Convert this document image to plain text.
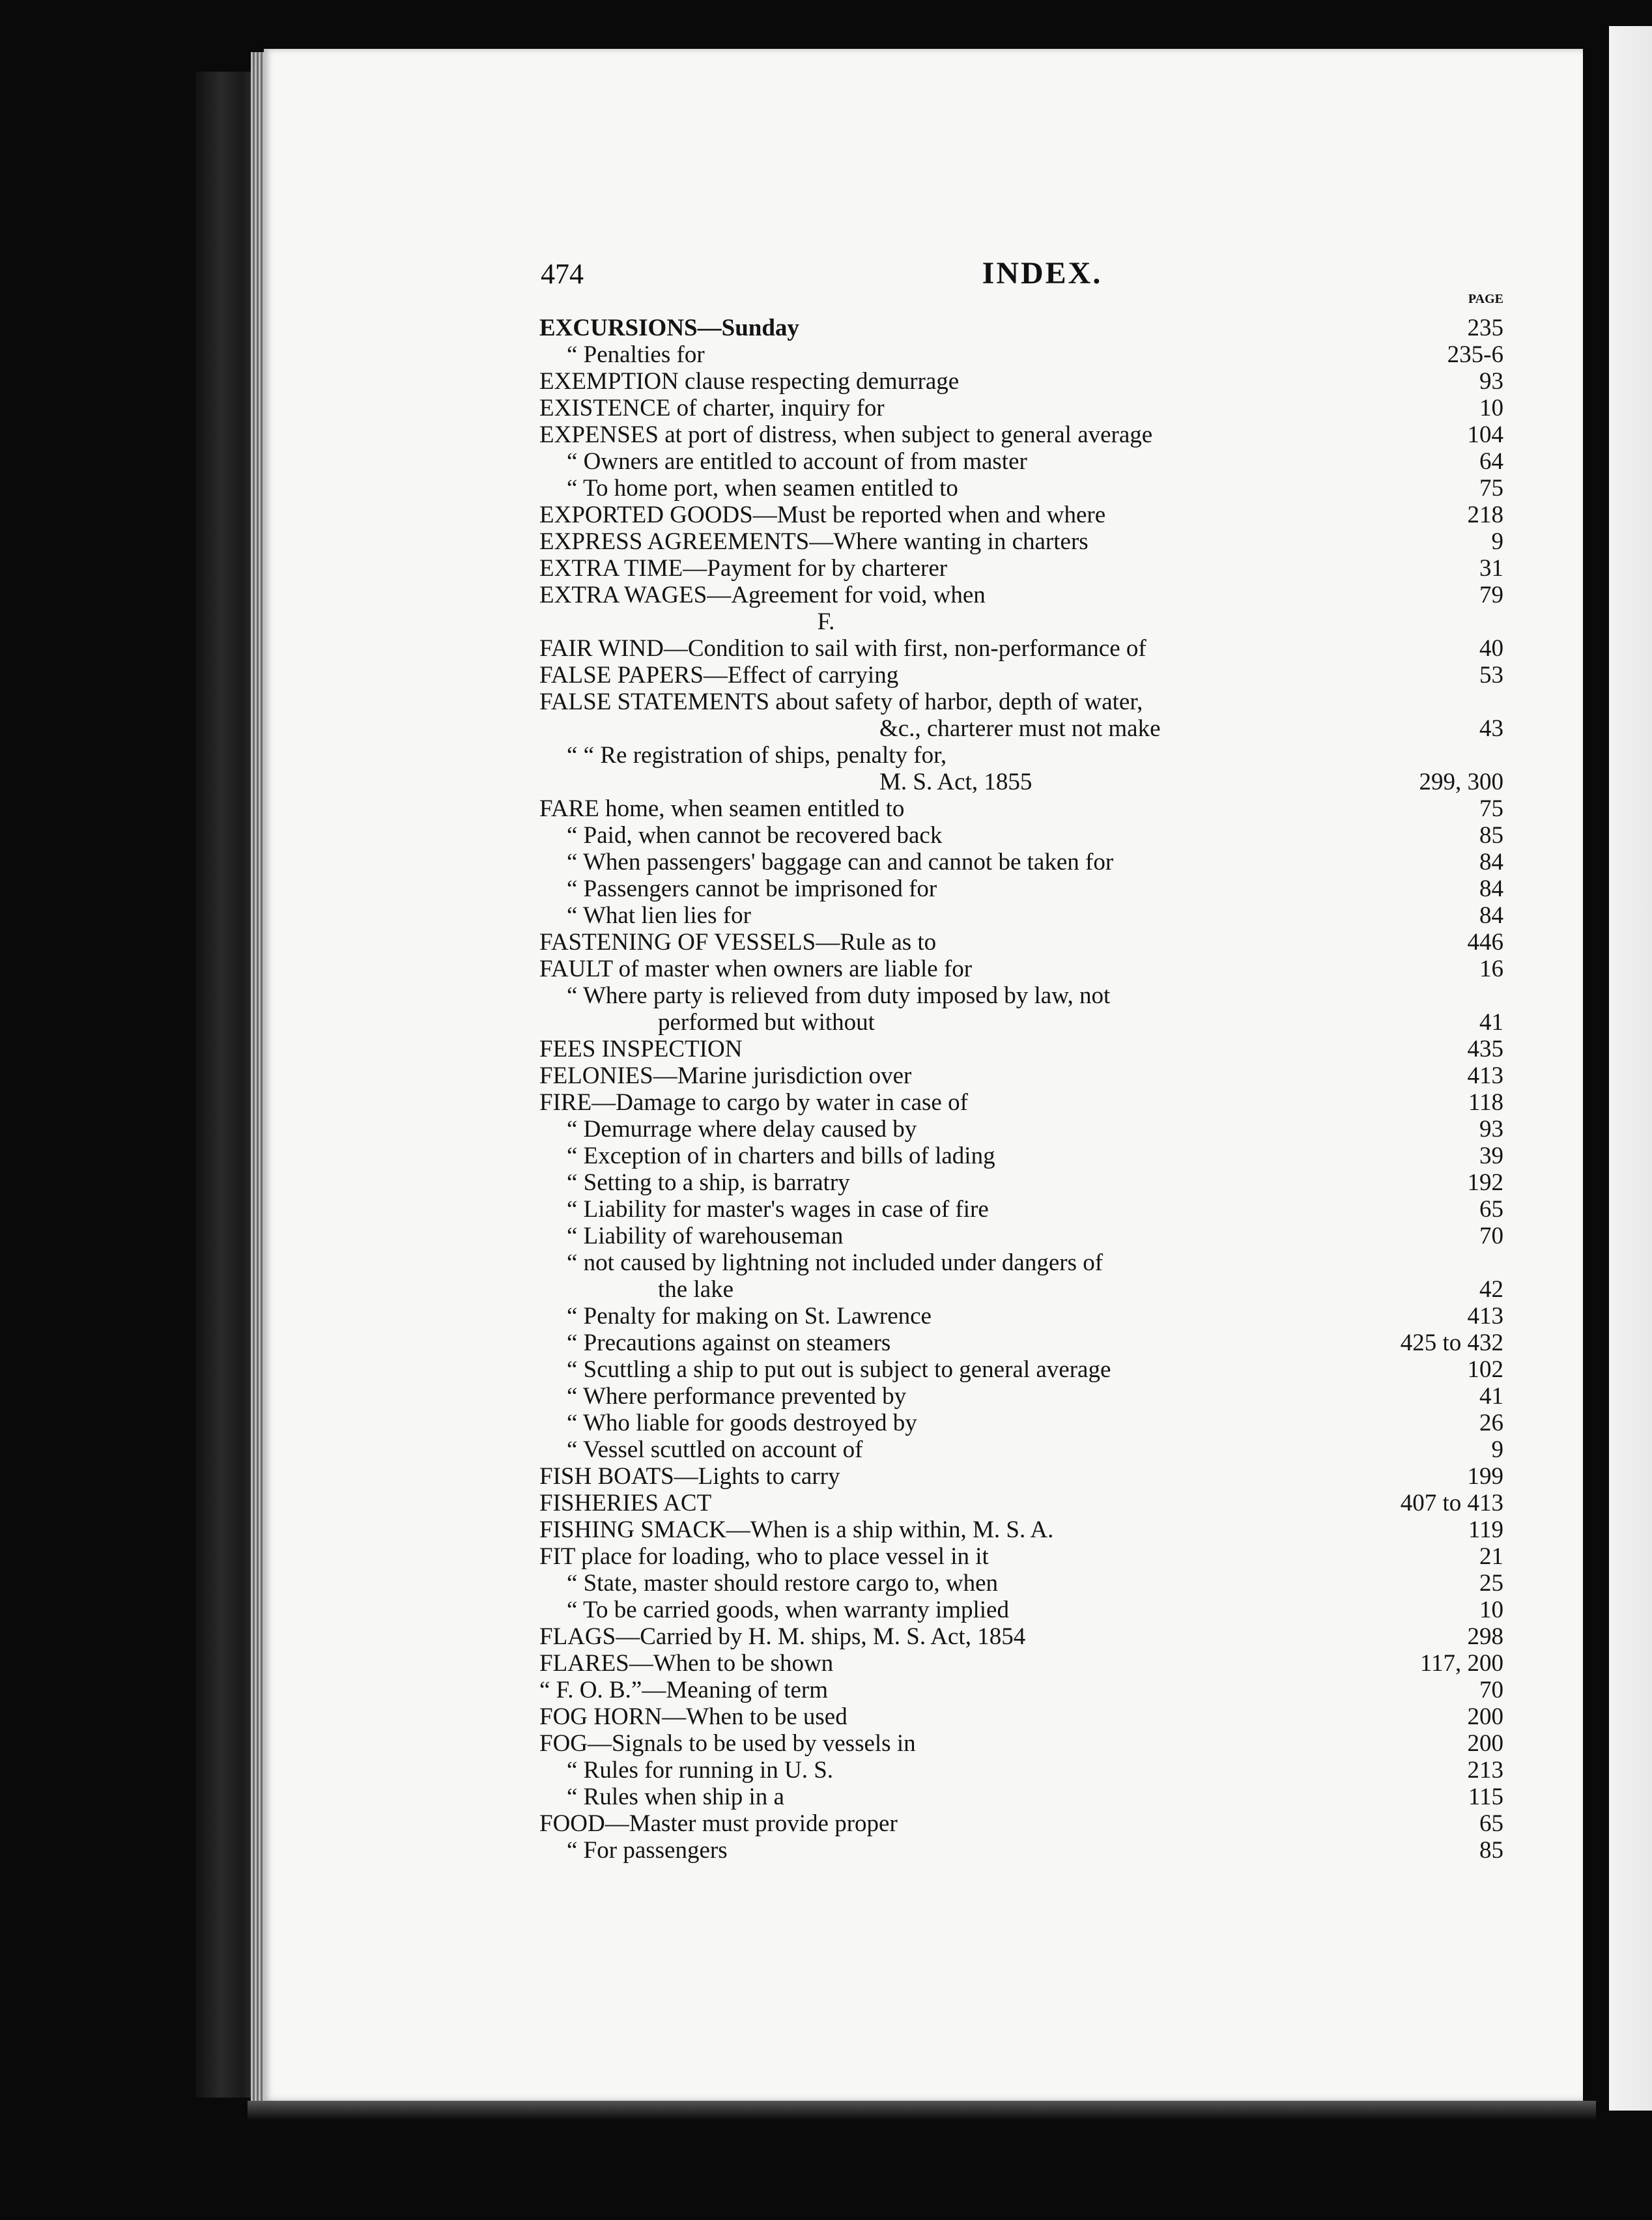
474	INDEX.
PAGE
EXCURSIONS—Sunday	235
“ Penalties for	235-6
EXEMPTION clause respecting demurrage	93
EXISTENCE of charter, inquiry for	10
EXPENSES at port of distress, when subject to general average	104
“ Owners are entitled to account of from master	64
“ To home port, when seamen entitled to	75
EXPORTED GOODS—Must be reported when and where	218
EXPRESS AGREEMENTS—Where wanting in charters	9
EXTRA TIME—Payment for by charterer	31
EXTRA WAGES—Agreement for void, when	79
F.
FAIR WIND—Condition to sail with first, non-performance of	40
FALSE PAPERS—Effect of carrying	53
FALSE STATEMENTS about safety of harbor, depth of water,
&c., charterer must not make	43
“ “ Re registration of ships, penalty for,
M. S. Act, 1855	299, 300
FARE home, when seamen entitled to	75
“ Paid, when cannot be recovered back	85
“ When passengers' baggage can and cannot be taken for	84
“ Passengers cannot be imprisoned for	84
“ What lien lies for	84
FASTENING OF VESSELS—Rule as to	446
FAULT of master when owners are liable for	16
“ Where party is relieved from duty imposed by law, not
performed but without	41
FEES INSPECTION	435
FELONIES—Marine jurisdiction over	413
FIRE—Damage to cargo by water in case of	118
“ Demurrage where delay caused by	93
“ Exception of in charters and bills of lading	39
“ Setting to a ship, is barratry	192
“ Liability for master's wages in case of fire	65
“ Liability of warehouseman	70
“ not caused by lightning not included under dangers of
the lake	42
“ Penalty for making on St. Lawrence	413
“ Precautions against on steamers	425 to 432
“ Scuttling a ship to put out is subject to general average	102
“ Where performance prevented by	41
“ Who liable for goods destroyed by	26
“ Vessel scuttled on account of	9
FISH BOATS—Lights to carry	199
FISHERIES ACT	407 to 413
FISHING SMACK—When is a ship within, M. S. A.	119
FIT place for loading, who to place vessel in it	21
“ State, master should restore cargo to, when	25
“ To be carried goods, when warranty implied	10
FLAGS—Carried by H. M. ships, M. S. Act, 1854	298
FLARES—When to be shown	117, 200
“ F. O. B.”—Meaning of term	70
FOG HORN—When to be used	200
FOG—Signals to be used by vessels in	200
“ Rules for running in U. S.	213
“ Rules when ship in a	115
FOOD—Master must provide proper	65
“ For passengers	85
